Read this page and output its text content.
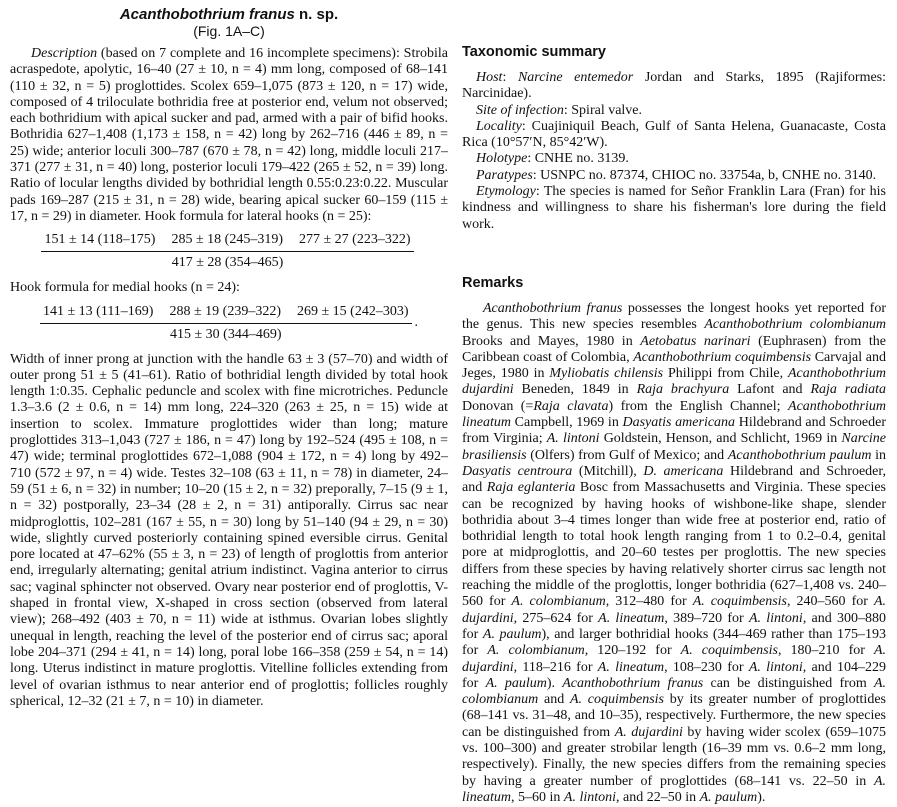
Acanthobothrium franus n. sp.
(Fig. 1A–C)

Description (based on 7 complete and 16 incomplete specimens): Strobila acraspedote, apolytic, 16–40 (27 ± 10, n = 4) mm long, composed of 68–141 (110 ± 32, n = 5) proglottides. Scolex 659–1,075 (873 ± 120, n = 17) wide, composed of 4 triloculate bothridia free at posterior end, velum not observed; each bothridium with apical sucker and pad, armed with a pair of bifid hooks. Bothridia 627–1,408 (1,173 ± 158, n = 42) long by 262–716 (446 ± 89, n = 25) wide; anterior loculi 300–787 (670 ± 78, n = 42) long, middle loculi 217–371 (277 ± 31, n = 40) long, posterior loculi 179–422 (265 ± 52, n = 39) long. Ratio of locular lengths divided by bothridial length 0.55:0.23:0.22. Muscular pads 169–287 (215 ± 31, n = 28) wide, bearing apical sucker 60–159 (115 ± 17, n = 29) in diameter. Hook formula for lateral hooks (n = 25):

151 ± 14 (118–175) 285 ± 18 (245–319) 277 ± 27 (223–322)
417 ± 28 (354–465)

Hook formula for medial hooks (n = 24):

141 ± 13 (111–169) 288 ± 19 (239–322) 269 ± 15 (242–303)
415 ± 30 (344–469)
.

Width of inner prong at junction with the handle 63 ± 3 (57–70) and width of outer prong 51 ± 5 (41–61). Ratio of bothridial length divided by total hook length 1:0.35. Cephalic peduncle and scolex with fine microtriches. Peduncle 1.3–3.6 (2 ± 0.6, n = 14) mm long, 224–320 (263 ± 25, n = 15) wide at insertion to scolex. Immature proglottides wider than long; mature proglottides 313–1,043 (727 ± 186, n = 47) long by 192–524 (495 ± 108, n = 47) wide; terminal proglottides 672–1,088 (904 ± 172, n = 4) long by 492–710 (572 ± 97, n = 4) wide. Testes 32–108 (63 ± 11, n = 78) in diameter, 24–59 (51 ± 6, n = 32) in number; 10–20 (15 ± 2, n = 32) preporally, 7–15 (9 ± 1, n = 32) postporally, 23–34 (28 ± 2, n = 31) antiporally. Cirrus sac near midproglottis, 102–281 (167 ± 55, n = 30) long by 51–140 (94 ± 29, n = 30) wide, slightly curved posteriorly containing spined eversible cirrus. Genital pore located at 47–62% (55 ± 3, n = 23) of length of proglottis from anterior end, irregularly alternating; genital atrium indistinct. Vagina anterior to cirrus sac; vaginal sphincter not observed. Ovary near posterior end of proglottis, V-shaped in frontal view, X-shaped in cross section (observed from lateral view); 268–492 (403 ± 70, n = 11) wide at isthmus. Ovarian lobes slightly unequal in length, reaching the level of the posterior end of cirrus sac; aporal lobe 204–371 (294 ± 41, n = 14) long, poral lobe 166–358 (259 ± 54, n = 14) long. Uterus indistinct in mature proglottis. Vitelline follicles extending from level of ovarian isthmus to near anterior end of proglottis; follicles roughly spherical, 12–32 (21 ± 7, n = 10) in diameter.

Taxonomic summary

Host: Narcine entemedor Jordan and Starks, 1895 (Rajiformes: Narcinidae).

Site of infection: Spiral valve.

Locality: Cuajiniquil Beach, Gulf of Santa Helena, Guanacaste, Costa Rica (10°57′N, 85°42′W).

Holotype: CNHE no. 3139.

Paratypes: USNPC no. 87374, CHIOC no. 33754a, b, CNHE no. 3140.

Etymology: The species is named for Señor Franklin Lara (Fran) for his kindness and willingness to share his fisherman's lore during the field work.

Remarks

Acanthobothrium franus possesses the longest hooks yet reported for the genus. This new species resembles Acanthobothrium colombianum Brooks and Mayes, 1980 in Aetobatus narinari (Euphrasen) from the Caribbean coast of Colombia, Acanthobothrium coquimbensis Carvajal and Jeges, 1980 in Myliobatis chilensis Philippi from Chile, Acanthobothrium dujardini Beneden, 1849 in Raja brachyura Lafont and Raja radiata Donovan (=Raja clavata) from the English Channel; Acanthobothrium lineatum Campbell, 1969 in Dasyatis americana Hildebrand and Schroeder from Virginia; A. lintoni Goldstein, Henson, and Schlicht, 1969 in Narcine brasiliensis (Olfers) from Gulf of Mexico; and Acanthobothrium paulum in Dasyatis centroura (Mitchill), D. americana Hildebrand and Schroeder, and Raja eglanteria Bosc from Massachusetts and Virginia. These species can be recognized by having hooks of wishbone-like shape, slender bothridia about 3–4 times longer than wide free at posterior end, ratio of bothridial length to total hook length ranging from 1 to 0.2–0.4, genital pore at midproglottis, and 20–60 testes per proglottis. The new species differs from these species by having relatively shorter cirrus sac length not reaching the middle of the proglottis, longer bothridia (627–1,408 vs. 240–560 for A. colombianum, 312–480 for A. coquimbensis, 240–560 for A. dujardini, 275–624 for A. lineatum, 389–720 for A. lintoni, and 300–880 for A. paulum), and larger bothridial hooks (344–469 rather than 175–193 for A. colombianum, 120–192 for A. coquimbensis, 180–210 for A. dujardini, 118–216 for A. lineatum, 108–230 for A. lintoni, and 104–229 for A. paulum). Acanthobothrium franus can be distinguished from A. colombianum and A. coquimbensis by its greater number of proglottides (68–141 vs. 31–48, and 10–35), respectively. Furthermore, the new species can be distinguished from A. dujardini by having wider scolex (659–1075 vs. 100–300) and greater strobilar length (16–39 mm vs. 0.6–2 mm long, respectively). Finally, the new species differs from the remaining species by having a greater number of proglottides (68–141 vs. 22–50 in A. lineatum, 5–60 in A. lintoni, and 22–50 in A. paulum).
